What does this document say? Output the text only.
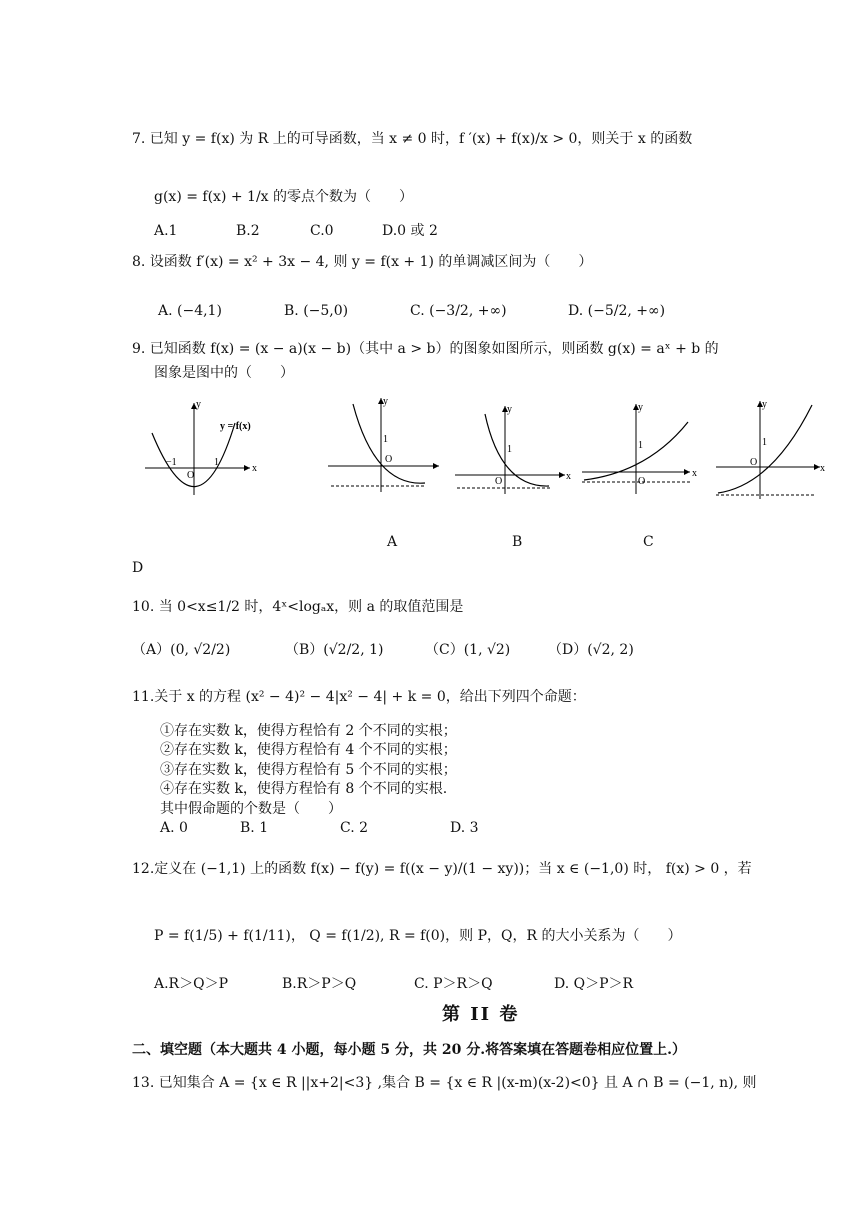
7. 已知 y = f(x) 为 R 上的可导函数，当 x ≠ 0 时，f ′(x) + f(x)/x > 0，则关于 x 的函数
g(x) = f(x) + 1/x 的零点个数为（　　）
A.1	B.2	C.0	D.0 或 2
8. 设函数 f′(x) = x² + 3x − 4, 则 y = f(x + 1) 的单调减区间为（　　）
A. (−4,1)	B. (−5,0)	C. (−3/2, +∞)	D. (−5/2, +∞)
9. 已知函数 f(x) = (x − a)(x − b)（其中 a > b）的图象如图所示，则函数 g(x) = aˣ + b 的
图象是图中的（　　）
y
x
O
−1	1
y = f(x)
y
1
O
y
1
O	x
y
1
O
x
y
1
O
x
A	B	C
D
10. 当 0<x≤1/2 时，4ˣ<logₐx，则 a 的取值范围是
（A）(0, √2/2)	（B）(√2/2, 1)	（C）(1, √2)	（D）(√2, 2)
11.关于 x 的方程 (x² − 4)² − 4|x² − 4| + k = 0，给出下列四个命题：
①存在实数 k，使得方程恰有 2 个不同的实根；
②存在实数 k，使得方程恰有 4 个不同的实根；
③存在实数 k，使得方程恰有 5 个不同的实根；
④存在实数 k，使得方程恰有 8 个不同的实根.
其中假命题的个数是（　　）
A. 0	B. 1	C. 2	D. 3
12.定义在 (−1,1) 上的函数 f(x) − f(y) = f((x − y)/(1 − xy))；当 x ∈ (−1,0) 时， f(x) > 0 ，若
P = f(1/5) + f(1/11)， Q = f(1/2), R = f(0)，则 P，Q，R 的大小关系为（　　）
A.R＞Q＞P	B.R＞P＞Q	C. P＞R＞Q	D. Q＞P＞R
第 II 卷
二、填空题（本大题共 4 小题，每小题 5 分，共 20 分.将答案填在答题卷相应位置上.）
13. 已知集合 A = {x ∈ R ||x+2|<3} ,集合 B = {x ∈ R |(x-m)(x-2)<0} 且 A ∩ B = (−1, n), 则
